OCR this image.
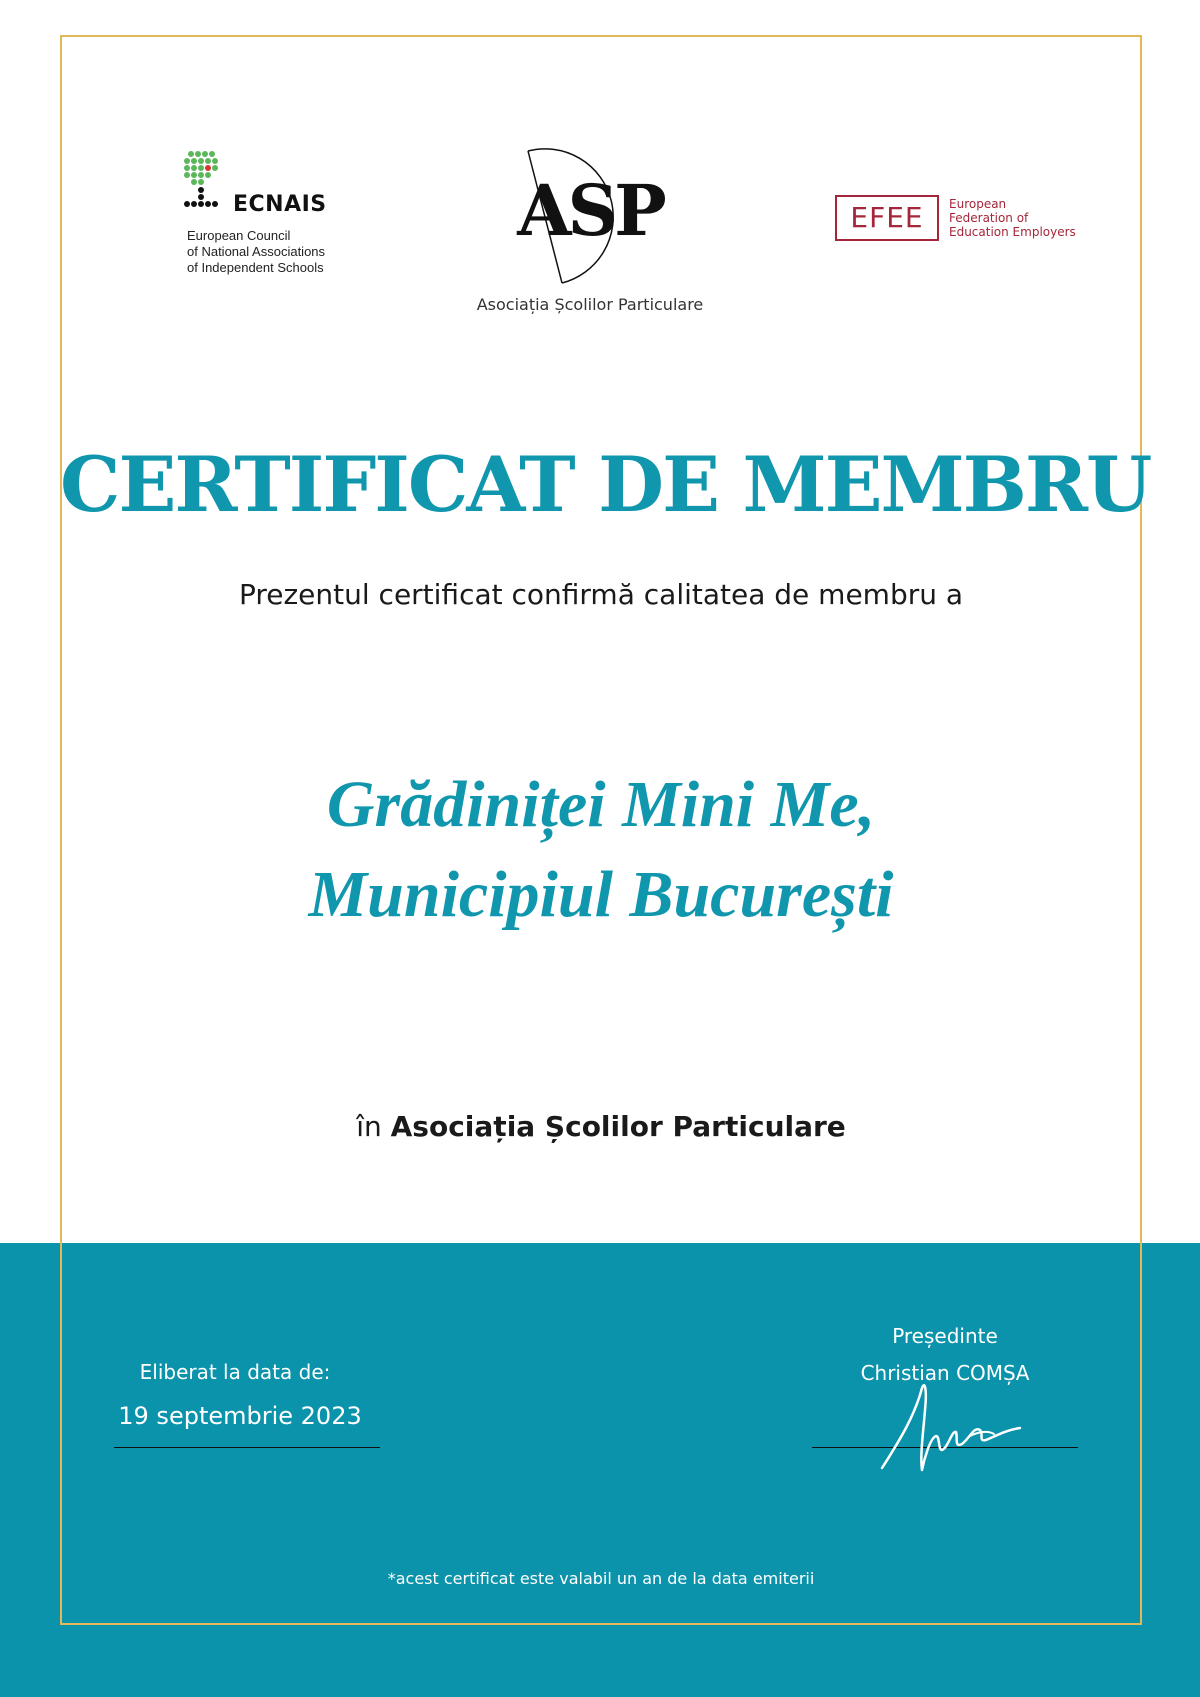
ECNAIS
European Council
of National Associations
of Independent Schools
ASP
Asociația Școlilor Particulare
EFEE	European
Federation of
Education Employers
CERTIFICAT DE MEMBRU
Prezentul certificat confirmă calitatea de membru a
Grădiniței Mini Me,
Municipiul București
în Asociația Școlilor Particulare
Eliberat la data de:
19 septembrie 2023
Președinte
Christian COMȘA
*acest certificat este valabil un an de la data emiterii
